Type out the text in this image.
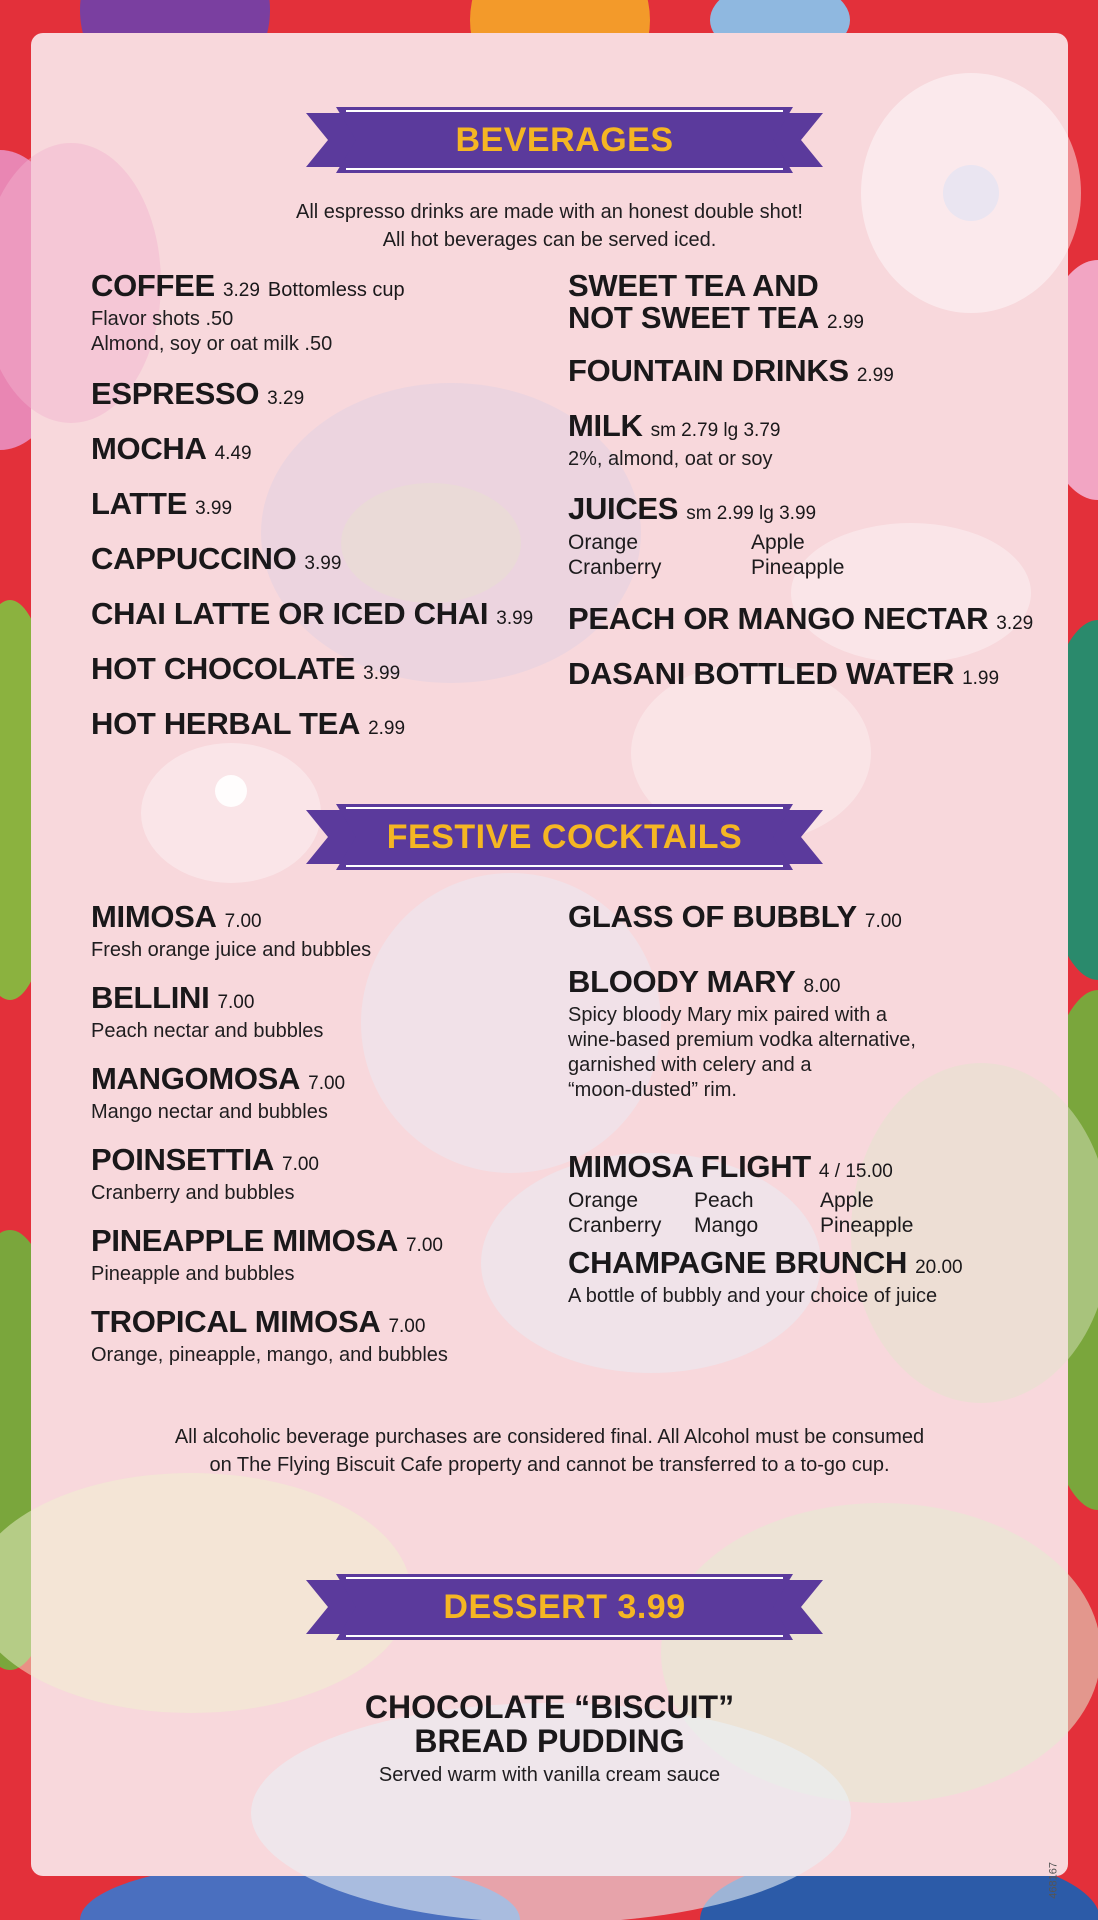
BEVERAGES
All espresso drinks are made with an honest double shot!
All hot beverages can be served iced.
COFFEE 3.29 Bottomless cup
Flavor shots .50
Almond, soy or oat milk .50
ESPRESSO 3.29
MOCHA 4.49
LATTE 3.99
CAPPUCCINO 3.99
CHAI LATTE OR ICED CHAI 3.99
HOT CHOCOLATE 3.99
HOT HERBAL TEA 2.99
SWEET TEA AND
NOT SWEET TEA 2.99
FOUNTAIN DRINKS 2.99
MILK sm 2.79 lg 3.79
2%, almond, oat or soy
JUICES sm 2.99 lg 3.99
Orange	Apple
Cranberry	Pineapple
PEACH OR MANGO NECTAR 3.29
DASANI BOTTLED WATER 1.99
FESTIVE COCKTAILS
MIMOSA 7.00
Fresh orange juice and bubbles
BELLINI 7.00
Peach nectar and bubbles
MANGOMOSA 7.00
Mango nectar and bubbles
POINSETTIA 7.00
Cranberry and bubbles
PINEAPPLE MIMOSA 7.00
Pineapple and bubbles
TROPICAL MIMOSA 7.00
Orange, pineapple, mango, and bubbles
GLASS OF BUBBLY 7.00
BLOODY MARY 8.00
Spicy bloody Mary mix paired with a
wine-based premium vodka alternative,
garnished with celery and a
“moon-dusted” rim.
MIMOSA FLIGHT 4 / 15.00
Orange	Peach	Apple
Cranberry	Mango	Pineapple
CHAMPAGNE BRUNCH 20.00
A bottle of bubbly and your choice of juice
All alcoholic beverage purchases are considered final. All Alcohol must be consumed
on The Flying Biscuit Cafe property and cannot be transferred to a to-go cup.
DESSERT 3.99
CHOCOLATE “BISCUIT”
BREAD PUDDING
Served warm with vanilla cream sauce
468167
